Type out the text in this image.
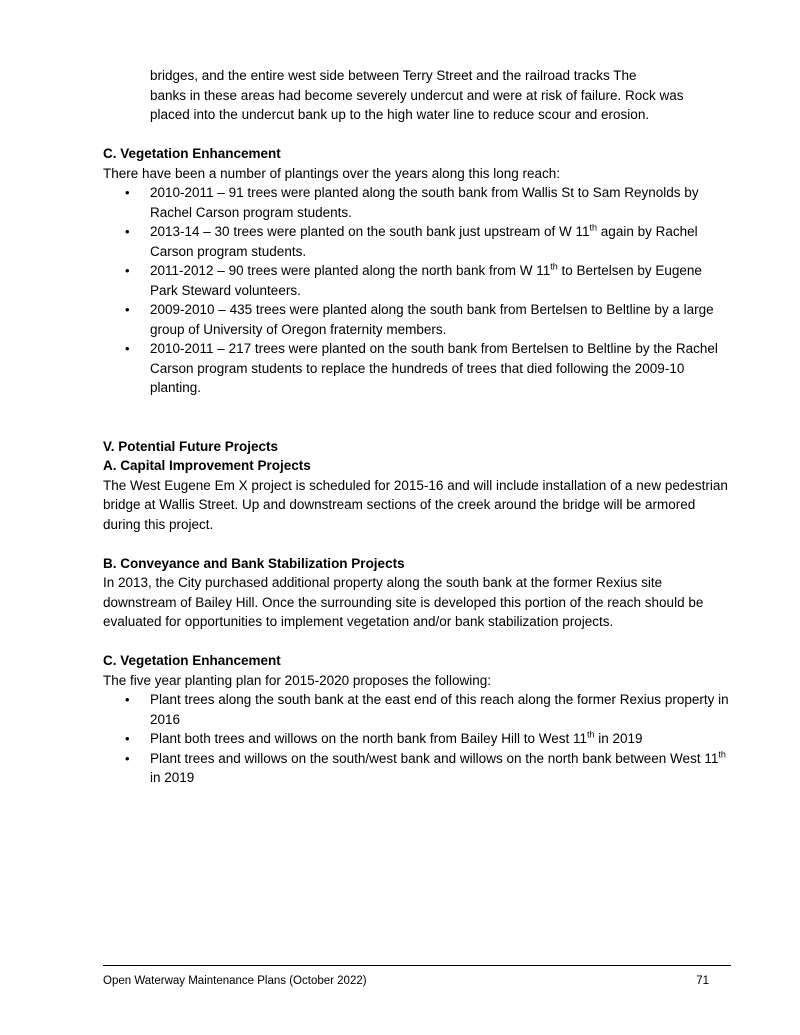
bridges, and the entire west side between Terry Street and the railroad tracks The

banks in these areas had become severely undercut and were at risk of failure. Rock was

placed into the undercut bank up to the high water line to reduce scour and erosion.

C. Vegetation Enhancement

There have been a number of plantings over the years along this long reach:

• 2010-2011 – 91 trees were planted along the south bank from Wallis St to Sam Reynolds by Rachel Carson program students.
• 2013-14 – 30 trees were planted on the south bank just upstream of W 11th again by Rachel Carson program students.
• 2011-2012 – 90 trees were planted along the north bank from W 11th to Bertelsen by Eugene Park Steward volunteers.
• 2009-2010 – 435 trees were planted along the south bank from Bertelsen to Beltline by a large group of University of Oregon fraternity members.
• 2010-2011 – 217 trees were planted on the south bank from Bertelsen to Beltline by the Rachel Carson program students to replace the hundreds of trees that died following the 2009-10 planting.

V. Potential Future Projects

A. Capital Improvement Projects

The West Eugene Em X project is scheduled for 2015-16 and will include installation of a new pedestrian bridge at Wallis Street. Up and downstream sections of the creek around the bridge will be armored during this project.

B. Conveyance and Bank Stabilization Projects

In 2013, the City purchased additional property along the south bank at the former Rexius site downstream of Bailey Hill. Once the surrounding site is developed this portion of the reach should be evaluated for opportunities to implement vegetation and/or bank stabilization projects.

C. Vegetation Enhancement

The five year planting plan for 2015-2020 proposes the following:

• Plant trees along the south bank at the east end of this reach along the former Rexius property in 2016
• Plant both trees and willows on the north bank from Bailey Hill to West 11th in 2019
• Plant trees and willows on the south/west bank and willows on the north bank between West 11th in 2019
Open Waterway Maintenance Plans (October 2022)	71
